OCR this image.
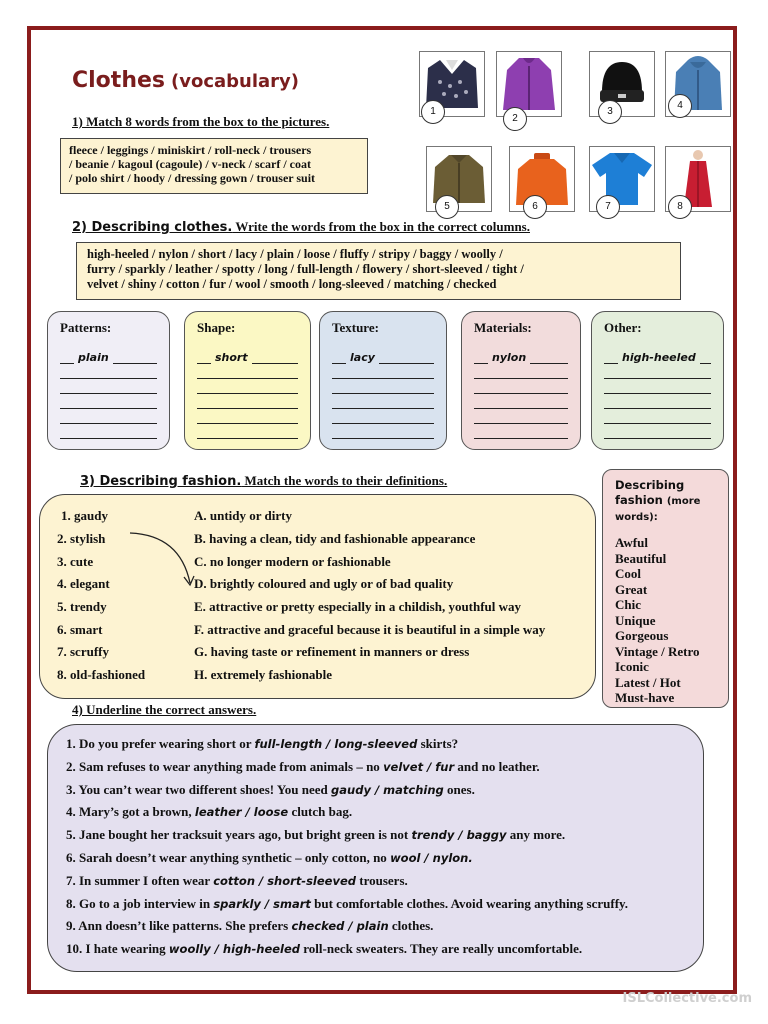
Clothes (vocabulary)
1) Match 8 words from the box to the pictures.
fleece / leggings / miniskirt / roll-neck / trousers
/ beanie / kagoul (cagoule) / v-neck / scarf / coat
/ polo shirt / hoody / dressing gown / trouser suit
1
2
3
4
5	6	7	8
2) Describing clothes. Write the words from the box in the correct columns.
high-heeled / nylon / short / lacy / plain / loose / fluffy / stripy / baggy / woolly /
furry / sparkly / leather / spotty / long / full-length / flowery / short-sleeved / tight /
velvet / shiny / cotton / fur / wool / smooth / long-sleeved / matching / checked
Patterns:
plain
Shape:
short
Texture:
lacy
Materials:
nylon
Other:
high-heeled
3) Describing fashion. Match the words to their definitions.
1. gaudy	A. untidy or dirty
2. stylish	B. having a clean, tidy and fashionable appearance
3. cute	C. no longer modern or fashionable
4. elegant	D. brightly coloured and ugly or of bad quality
5. trendy	E. attractive or pretty especially in a childish, youthful way
6. smart	F. attractive and graceful because it is beautiful in a simple way
7. scruffy	G. having taste or refinement in manners or dress
8. old-fashioned	H. extremely fashionable
Describing fashion (more words):
Awful
Beautiful
Cool
Great
Chic
Unique
Gorgeous
Vintage / Retro
Iconic
Latest / Hot
Must-have
4) Underline the correct answers.
1. Do you prefer wearing short or full-length / long-sleeved skirts?
2. Sam refuses to wear anything made from animals – no velvet / fur and no leather.
3. You can’t wear two different shoes! You need gaudy / matching ones.
4. Mary’s got a brown, leather / loose clutch bag.
5. Jane bought her tracksuit years ago, but bright green is not trendy / baggy any more.
6. Sarah doesn’t wear anything synthetic – only cotton, no wool / nylon.
7. In summer I often wear cotton / short-sleeved trousers.
8. Go to a job interview in sparkly / smart but comfortable clothes. Avoid wearing anything scruffy.
9. Ann doesn’t like patterns. She prefers checked / plain clothes.
10. I hate wearing woolly / high-heeled roll-neck sweaters. They are really uncomfortable.
ISLCollective.com
